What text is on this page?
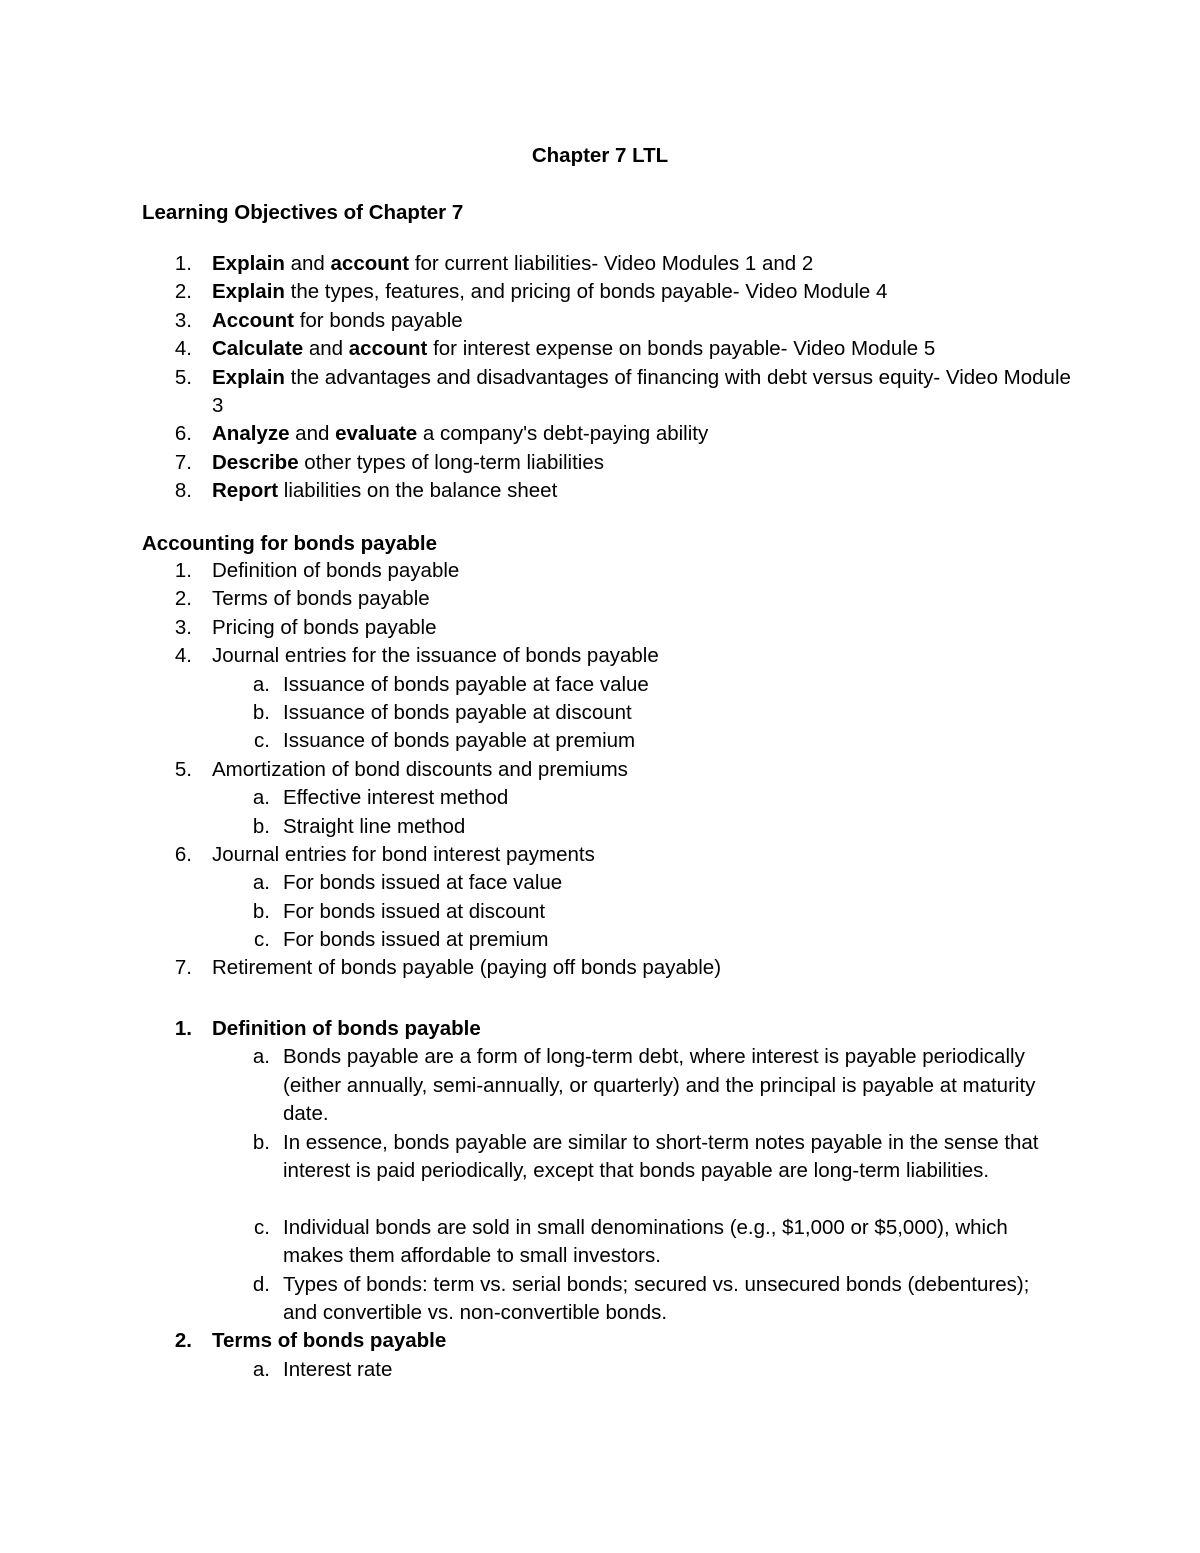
Chapter 7 LTL
Learning Objectives of Chapter 7
1. Explain and account for current liabilities- Video Modules 1 and 2
2. Explain the types, features, and pricing of bonds payable- Video Module 4
3. Account for bonds payable
4. Calculate and account for interest expense on bonds payable- Video Module 5
5. Explain the advantages and disadvantages of financing with debt versus equity- Video Module 3
6. Analyze and evaluate a company's debt-paying ability
7. Describe other types of long-term liabilities
8. Report liabilities on the balance sheet
Accounting for bonds payable
1. Definition of bonds payable
2. Terms of bonds payable
3. Pricing of bonds payable
4. Journal entries for the issuance of bonds payable
a. Issuance of bonds payable at face value
b. Issuance of bonds payable at discount
c. Issuance of bonds payable at premium
5. Amortization of bond discounts and premiums
a. Effective interest method
b. Straight line method
6. Journal entries for bond interest payments
a. For bonds issued at face value
b. For bonds issued at discount
c. For bonds issued at premium
7. Retirement of bonds payable (paying off bonds payable)
1. Definition of bonds payable
a. Bonds payable are a form of long-term debt, where interest is payable periodically (either annually, semi-annually, or quarterly) and the principal is payable at maturity date.
b. In essence, bonds payable are similar to short-term notes payable in the sense that interest is paid periodically, except that bonds payable are long-term liabilities.
c. Individual bonds are sold in small denominations (e.g., $1,000 or $5,000), which makes them affordable to small investors.
d. Types of bonds: term vs. serial bonds; secured vs. unsecured bonds (debentures); and convertible vs. non-convertible bonds.
2. Terms of bonds payable
a. Interest rate
